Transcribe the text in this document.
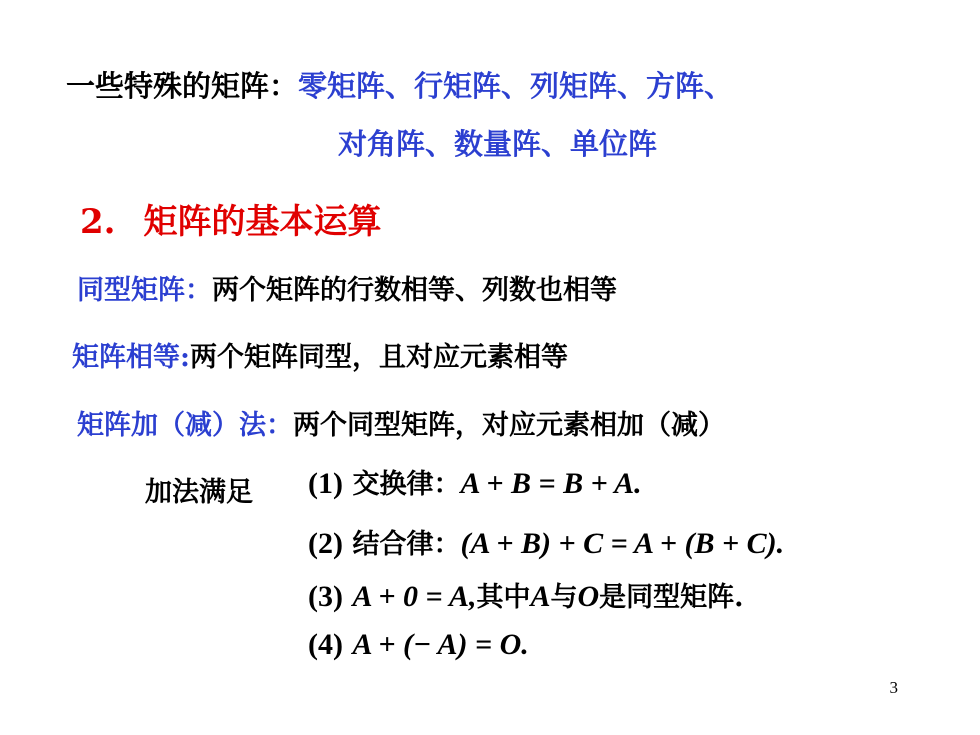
一些特殊的矩阵：零矩阵、行矩阵、列矩阵、方阵、
对角阵、数量阵、单位阵
2. 矩阵的基本运算
同型矩阵：两个矩阵的行数相等、列数也相等
矩阵相等:两个矩阵同型，且对应元素相等
矩阵加（减）法：两个同型矩阵，对应元素相加（减）
加法满足 (1) 交换律：A + B = B + A.
(2) 结合律：(A + B) + C = A + (B + C).
(3) A + 0 = A,其中A与O是同型矩阵.
(4) A + (− A) = O.
3
